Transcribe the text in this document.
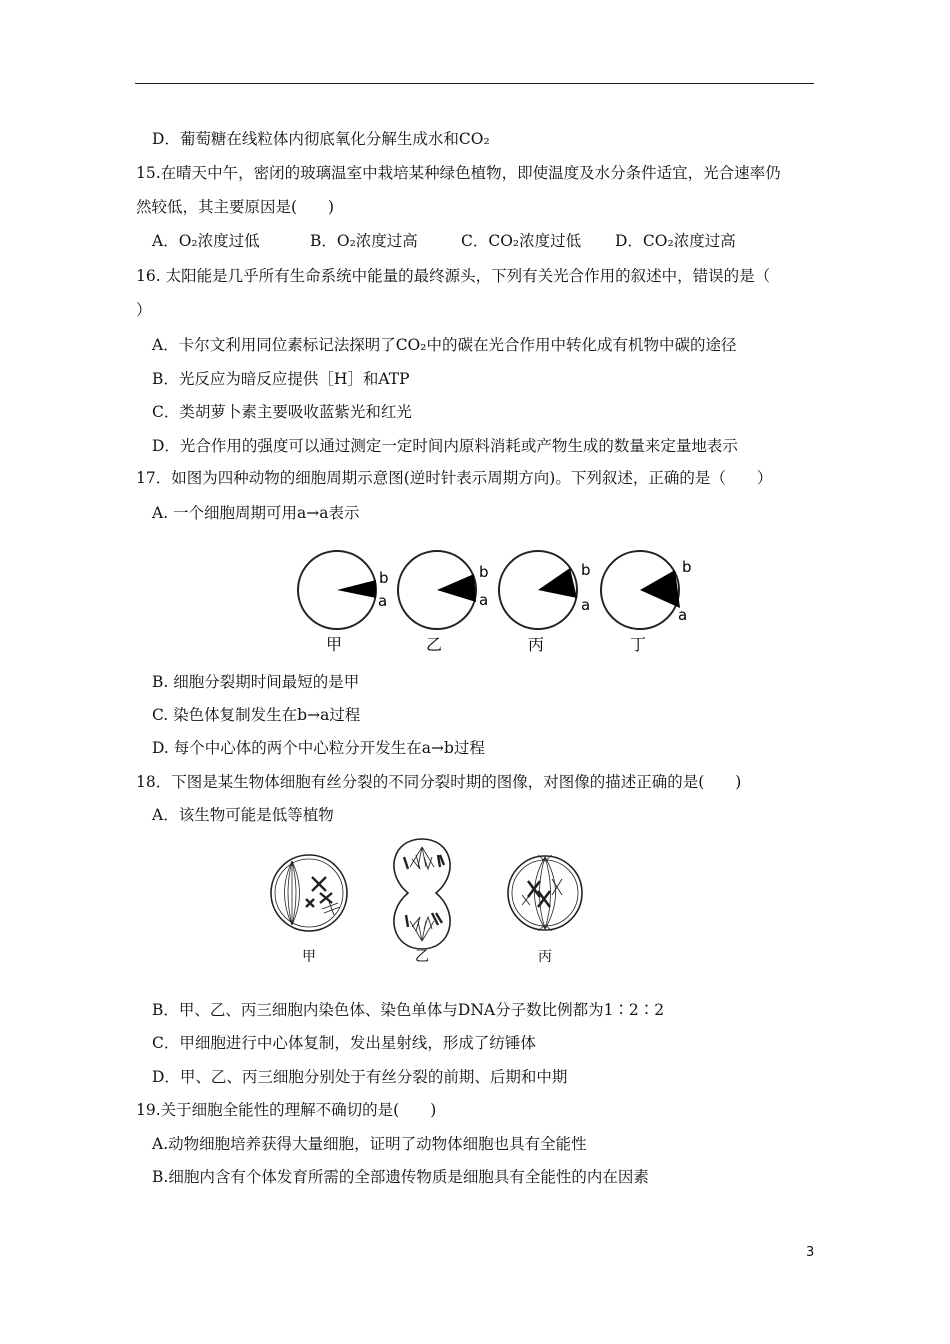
D．葡萄糖在线粒体内彻底氧化分解生成水和CO₂
15.在晴天中午，密闭的玻璃温室中栽培某种绿色植物，即使温度及水分条件适宜，光合速率仍
然较低，其主要原因是(　　)
A．O₂浓度过低	B．O₂浓度过高	C．CO₂浓度过低 D．CO₂浓度过高
16. 太阳能是几乎所有生命系统中能量的最终源头，下列有关光合作用的叙述中，错误的是（
）
A．卡尔文利用同位素标记法探明了CO₂中的碳在光合作用中转化成有机物中碳的途径
B．光反应为暗反应提供［H］和ATP
C．类胡萝卜素主要吸收蓝紫光和红光
D．光合作用的强度可以通过测定一定时间内原料消耗或产物生成的数量来定量地表示
17．如图为四种动物的细胞周期示意图(逆时针表示周期方向)。下列叙述，正确的是（　　）
A. 一个细胞周期可用a→a表示
b
a
甲
b
a
乙
b
a
丙
b
a
丁
B. 细胞分裂期时间最短的是甲
C. 染色体复制发生在b→a过程
D. 每个中心体的两个中心粒分开发生在a→b过程
18．下图是某生物体细胞有丝分裂的不同分裂时期的图像，对图像的描述正确的是(　　)
A．该生物可能是低等植物
甲	乙	丙
B．甲、乙、丙三细胞内染色体、染色单体与DNA分子数比例都为1∶2∶2
C．甲细胞进行中心体复制，发出星射线，形成了纺锤体
D．甲、乙、丙三细胞分别处于有丝分裂的前期、后期和中期
19.关于细胞全能性的理解不确切的是(　　)
A.动物细胞培养获得大量细胞，证明了动物体细胞也具有全能性
B.细胞内含有个体发育所需的全部遗传物质是细胞具有全能性的内在因素
3
